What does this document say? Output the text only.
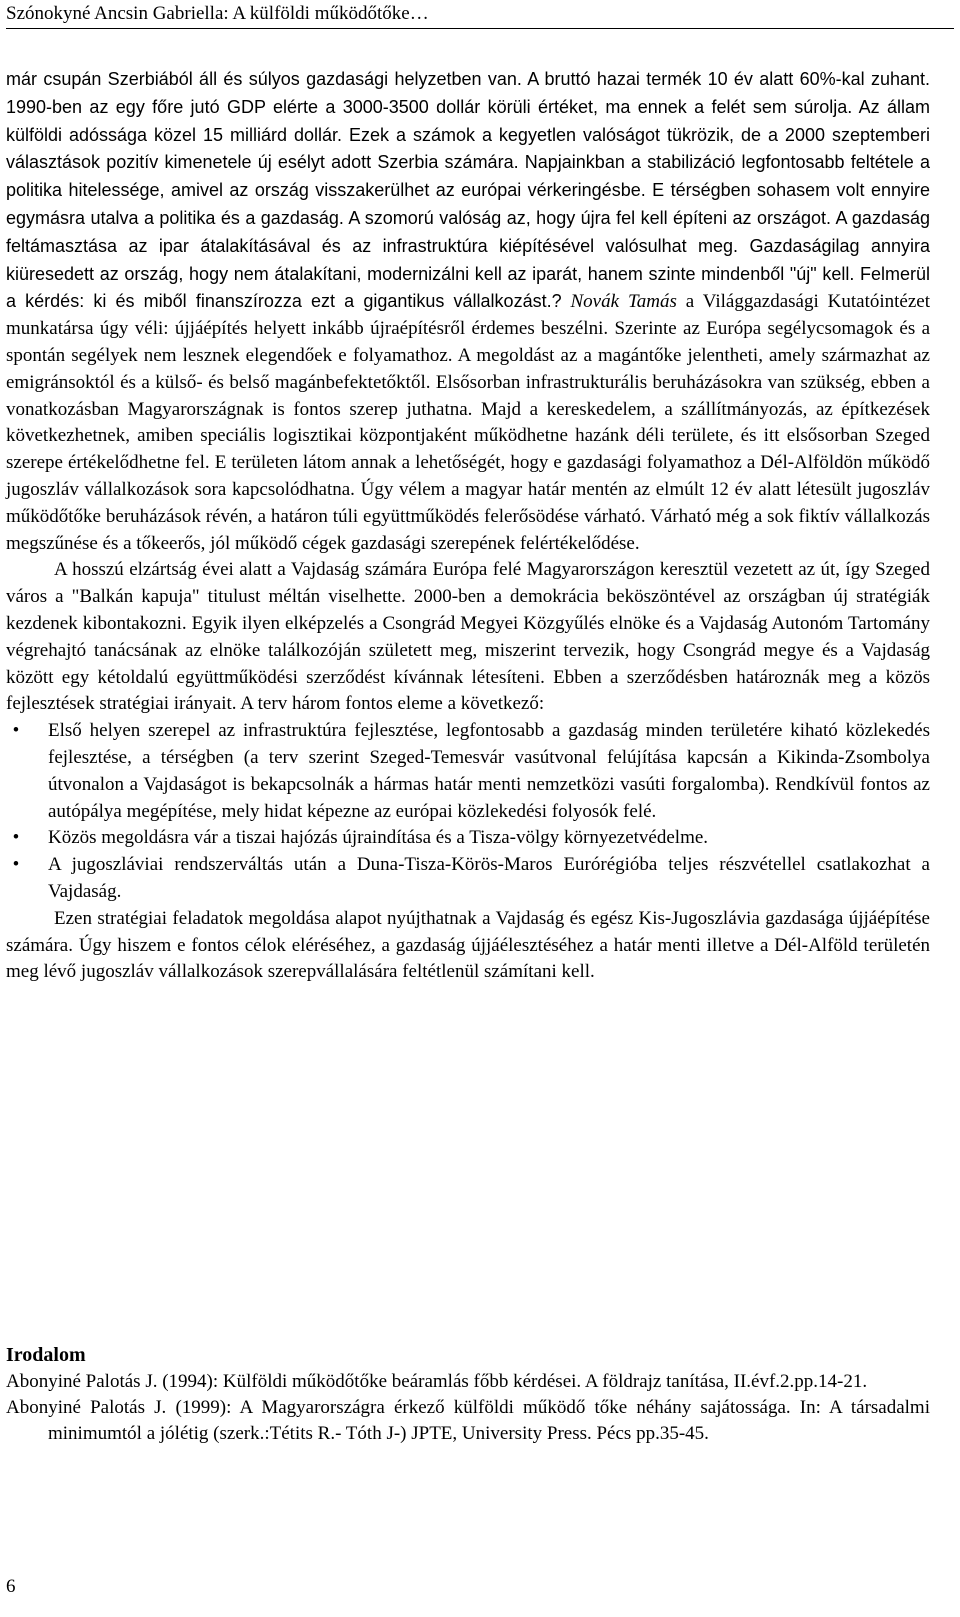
Szónokyné Ancsin Gabriella: A külföldi működőtőke…

már csupán Szerbiából áll és súlyos gazdasági helyzetben van. A bruttó hazai termék 10 év alatt 60%-kal zuhant. 1990-ben az egy főre jutó GDP elérte a 3000-3500 dollár körüli értéket, ma ennek a felét sem súrolja. Az állam külföldi adóssága közel 15 milliárd dollár. Ezek a számok a kegyetlen valóságot tükrözik, de a 2000 szeptemberi választások pozitív kimenetele új esélyt adott Szerbia számára. Napjainkban a stabilizáció legfontosabb feltétele a politika hitelessége, amivel az ország visszakerülhet az európai vérkeringésbe. E térségben sohasem volt ennyire egymásra utalva a politika és a gazdaság. A szomorú valóság az, hogy újra fel kell építeni az országot. A gazdaság feltámasztása az ipar átalakításával és az infrastruktúra kiépítésével valósulhat meg. Gazdaságilag annyira kiüresedett az ország, hogy nem átalakítani, modernizálni kell az iparát, hanem szinte mindenből "új" kell. Felmerül a kérdés: ki és miből finanszírozza ezt a gigantikus vállalkozást.? Novák Tamás a Világgazdasági Kutatóintézet munkatársa úgy véli: újjáépítés helyett inkább újraépítésről érdemes beszélni. Szerinte az Európa segélycsomagok és a spontán segélyek nem lesznek elegendőek e folyamathoz. A megoldást az a magántőke jelentheti, amely származhat az emigránsoktól és a külső- és belső magánbefektetőktől. Elsősorban infrastrukturális beruházásokra van szükség, ebben a vonatkozásban Magyarországnak is fontos szerep juthatna. Majd a kereskedelem, a szállítmányozás, az építkezések következhetnek, amiben speciális logisztikai központjaként működhetne hazánk déli területe, és itt elsősorban Szeged szerepe értékelődhetne fel. E területen látom annak a lehetőségét, hogy e gazdasági folyamathoz a Dél-Alföldön működő jugoszláv vállalkozások sora kapcsolódhatna. Úgy vélem a magyar határ mentén az elmúlt 12 év alatt létesült jugoszláv működőtőke beruházások révén, a határon túli együttműködés felerősödése várható. Várható még a sok fiktív vállalkozás megszűnése és a tőkeerős, jól működő cégek gazdasági szerepének felértékelődése.

A hosszú elzártság évei alatt a Vajdaság számára Európa felé Magyarországon keresztül vezetett az út, így Szeged város a "Balkán kapuja" titulust méltán viselhette. 2000-ben a demokrácia beköszöntével az országban új stratégiák kezdenek kibontakozni. Egyik ilyen elképzelés a Csongrád Megyei Közgyűlés elnöke és a Vajdaság Autonóm Tartomány végrehajtó tanácsának az elnöke találkozóján született meg, miszerint tervezik, hogy Csongrád megye és a Vajdaság között egy kétoldalú együttműködési szerződést kívánnak létesíteni. Ebben a szerződésben határoznák meg a közös fejlesztések stratégiai irányait. A terv három fontos eleme a következő:

•	Első helyen szerepel az infrastruktúra fejlesztése, legfontosabb a gazdaság minden területére kiható közlekedés fejlesztése, a térségben (a terv szerint Szeged-Temesvár vasútvonal felújítása kapcsán a Kikinda-Zsombolya útvonalon a Vajdaságot is bekapcsolnák a hármas határ menti nemzetközi vasúti forgalomba). Rendkívül fontos az autópálya megépítése, mely hidat képezne az európai közlekedési folyosók felé.
•	Közös megoldásra vár a tiszai hajózás újraindítása és a Tisza-völgy környezetvédelme.
•	A jugoszláviai rendszerváltás után a Duna-Tisza-Körös-Maros Eurórégióba teljes részvétellel csatlakozhat a Vajdaság.

Ezen stratégiai feladatok megoldása alapot nyújthatnak a Vajdaság és egész Kis-Jugoszlávia gazdasága újjáépítése számára. Úgy hiszem e fontos célok eléréséhez, a gazdaság újjáélesztéséhez a határ menti illetve a Dél-Alföld területén meg lévő jugoszláv vállalkozások szerepvállalására feltétlenül számítani kell.

Irodalom
Abonyiné Palotás J. (1994): Külföldi működőtőke beáramlás főbb kérdései. A földrajz tanítása, II.évf.2.pp.14-21.
Abonyiné Palotás J. (1999): A Magyarországra érkező külföldi működő tőke néhány sajátossága. In: A társadalmi minimumtól a jólétig (szerk.:Tétits R.- Tóth J-) JPTE, University Press. Pécs pp.35-45.
6
